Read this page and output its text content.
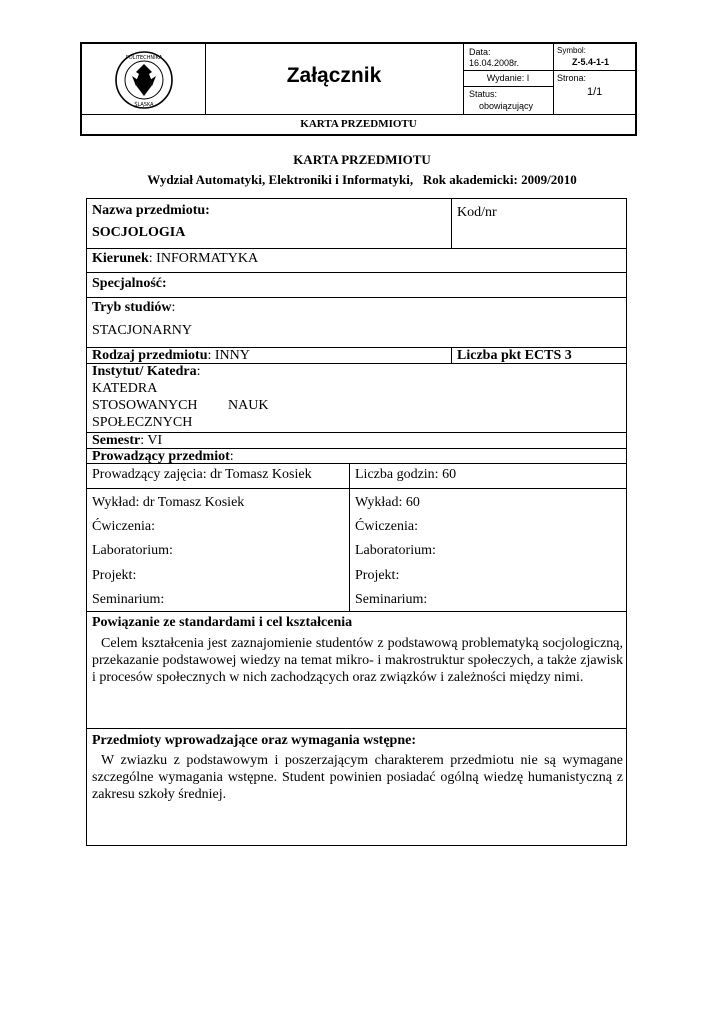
POLITECHNIKA
ŚLĄSKA
Załącznik
Data:
16.04.2008r.
Wydanie: I
Status:
obowiązujący
Symbol:
Z-5.4-1-1
Strona:
1/1
KARTA PRZEDMIOTU
KARTA PRZEDMIOTU
Wydział Automatyki, Elektroniki i Informatyki,   Rok akademicki: 2009/2010
Nazwa przedmiotu:
SOCJOLOGIA
Kod/nr
Kierunek: INFORMATYKA
Specjalność:
Tryb studiów:
STACJONARNY
Rodzaj przedmiotu: INNY	Liczba pkt ECTS 3
Instytut/ Katedra:
KATEDRA
STOSOWANYCH NAUK
SPOŁECZNYCH
Semestr: VI
Prowadzący przedmiot:
Prowadzący zajęcia: dr Tomasz Kosiek	Liczba godzin: 60
Wykład: dr Tomasz Kosiek
Ćwiczenia:
Laboratorium:
Projekt:
Seminarium:
Wykład: 60
Ćwiczenia:
Laboratorium:
Projekt:
Seminarium:
Powiązanie ze standardami i cel kształcenia
Celem kształcenia jest zaznajomienie studentów z podstawową problematyką socjologiczną, przekazanie podstawowej wiedzy na temat mikro- i makrostruktur społeczych, a także zjawisk i procesów społecznych w nich zachodzących oraz związków i zależności między nimi.
Przedmioty wprowadzające oraz wymagania wstępne:
W zwiazku z podstawowym i poszerzającym charakterem przedmiotu nie są wymagane szczególne wymagania wstępne. Student powinien posiadać ogólną wiedzę humanistyczną z zakresu szkoły średniej.
